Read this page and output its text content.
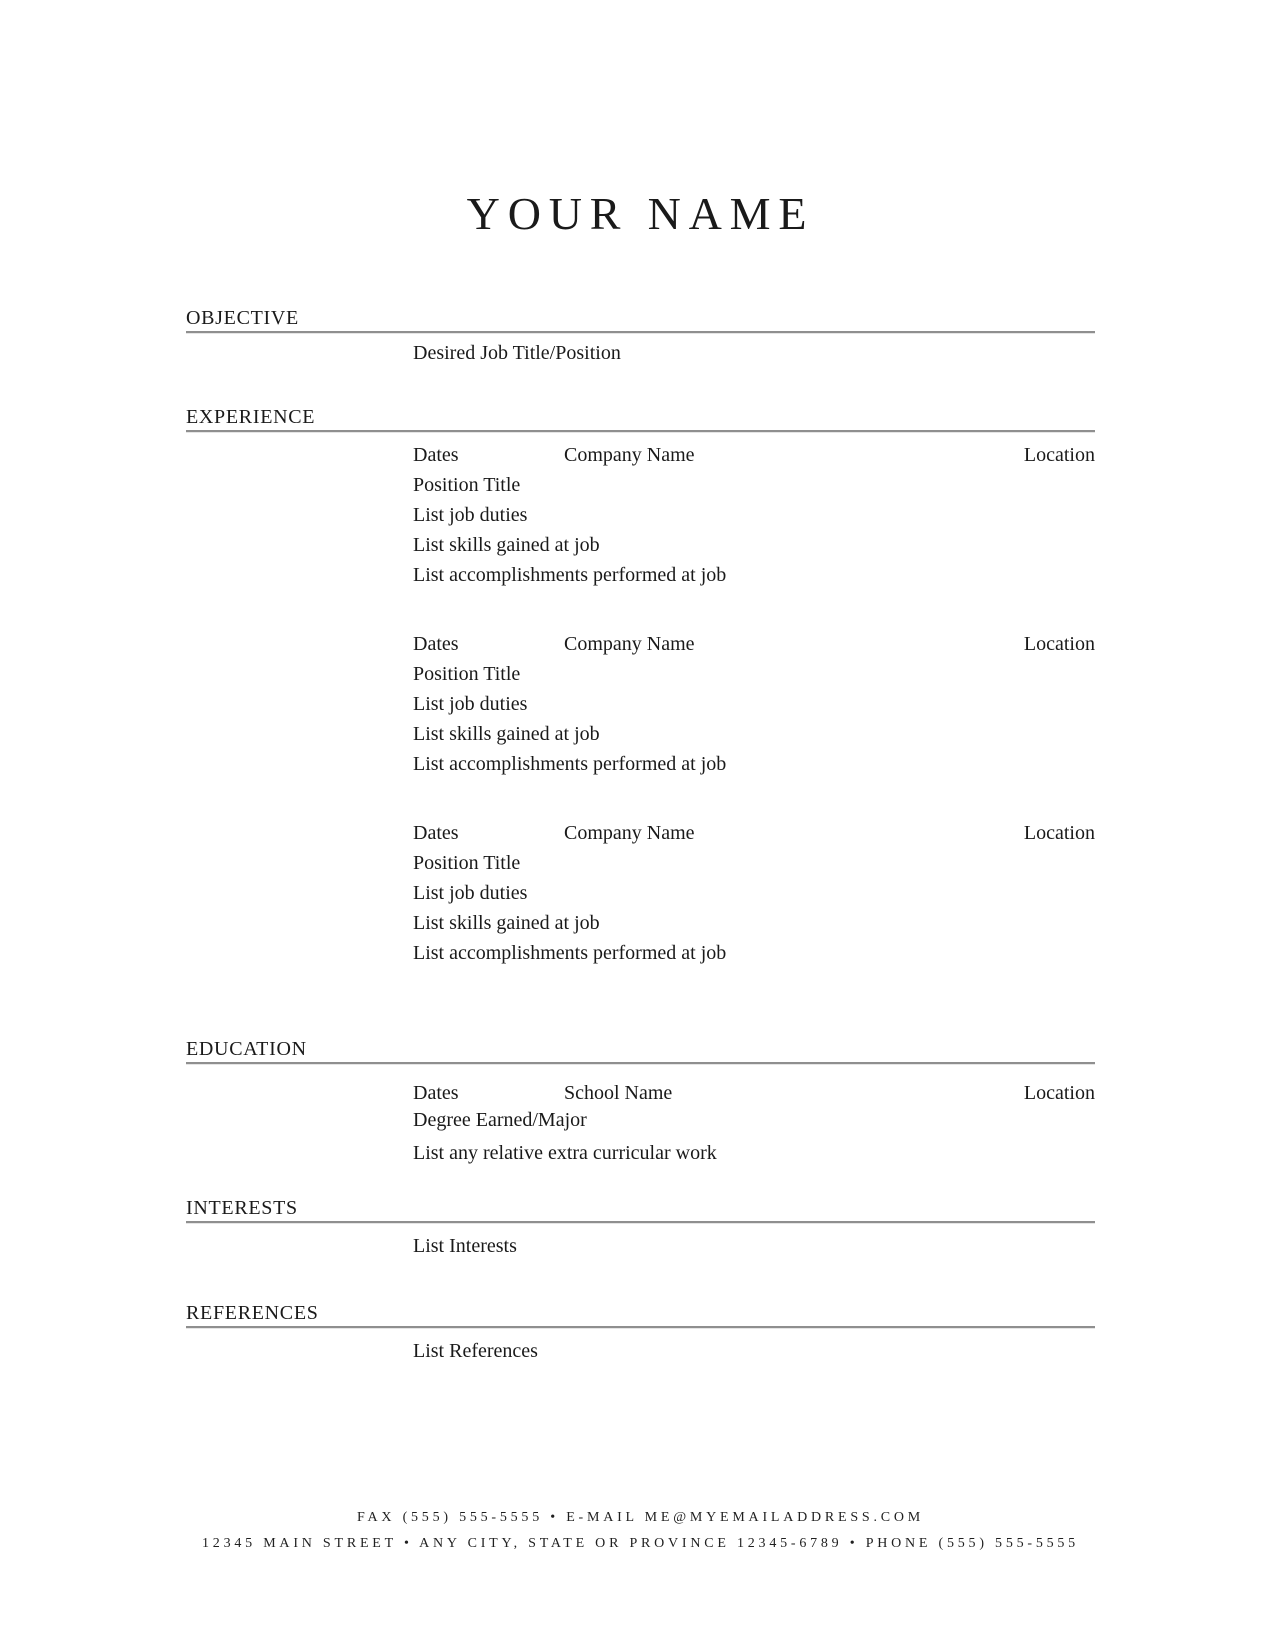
YOUR NAME
OBJECTIVE
Desired Job Title/Position
EXPERIENCE
Dates	Company Name	Location
Position Title
List job duties
List skills gained at job
List accomplishments performed at job
Dates	Company Name	Location
Position Title
List job duties
List skills gained at job
List accomplishments performed at job
Dates	Company Name	Location
Position Title
List job duties
List skills gained at job
List accomplishments performed at job
EDUCATION
Dates	School Name	Location
Degree Earned/Major
List any relative extra curricular work
INTERESTS
List Interests
REFERENCES
List References
FAX (555) 555-5555 • E-MAIL ME@MYEMAILADDRESS.COM
12345 MAIN STREET • ANY CITY, STATE OR PROVINCE 12345-6789 • PHONE (555) 555-5555
